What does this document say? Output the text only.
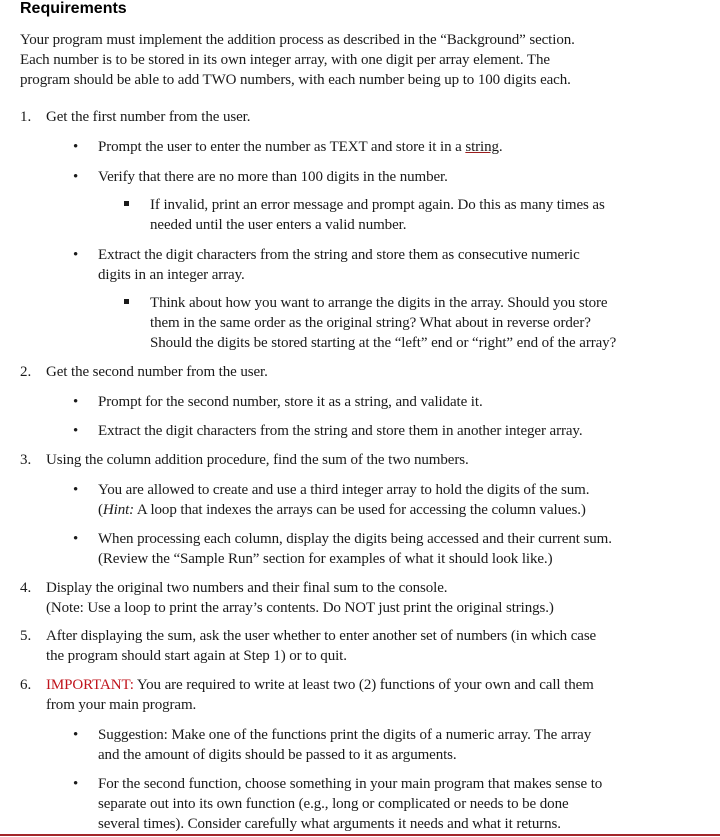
Requirements
Your program must implement the addition process as described in the “Background” section.
Each number is to be stored in its own integer array, with one digit per array element. The
program should be able to add TWO numbers, with each number being up to 100 digits each.
1. Get the first number from the user.
• Prompt the user to enter the number as TEXT and store it in a string.
• Verify that there are no more than 100 digits in the number.
If invalid, print an error message and prompt again. Do this as many times as
needed until the user enters a valid number.
• Extract the digit characters from the string and store them as consecutive numeric
digits in an integer array.
Think about how you want to arrange the digits in the array. Should you store
them in the same order as the original string? What about in reverse order?
Should the digits be stored starting at the “left” end or “right” end of the array?
2. Get the second number from the user.
• Prompt for the second number, store it as a string, and validate it.
• Extract the digit characters from the string and store them in another integer array.
3. Using the column addition procedure, find the sum of the two numbers.
• You are allowed to create and use a third integer array to hold the digits of the sum.
(Hint: A loop that indexes the arrays can be used for accessing the column values.)
• When processing each column, display the digits being accessed and their current sum.
(Review the “Sample Run” section for examples of what it should look like.)
4. Display the original two numbers and their final sum to the console.
(Note: Use a loop to print the array’s contents. Do NOT just print the original strings.)
5. After displaying the sum, ask the user whether to enter another set of numbers (in which case
the program should start again at Step 1) or to quit.
6. IMPORTANT: You are required to write at least two (2) functions of your own and call them
from your main program.
• Suggestion: Make one of the functions print the digits of a numeric array. The array
and the amount of digits should be passed to it as arguments.
• For the second function, choose something in your main program that makes sense to
separate out into its own function (e.g., long or complicated or needs to be done
several times). Consider carefully what arguments it needs and what it returns.
